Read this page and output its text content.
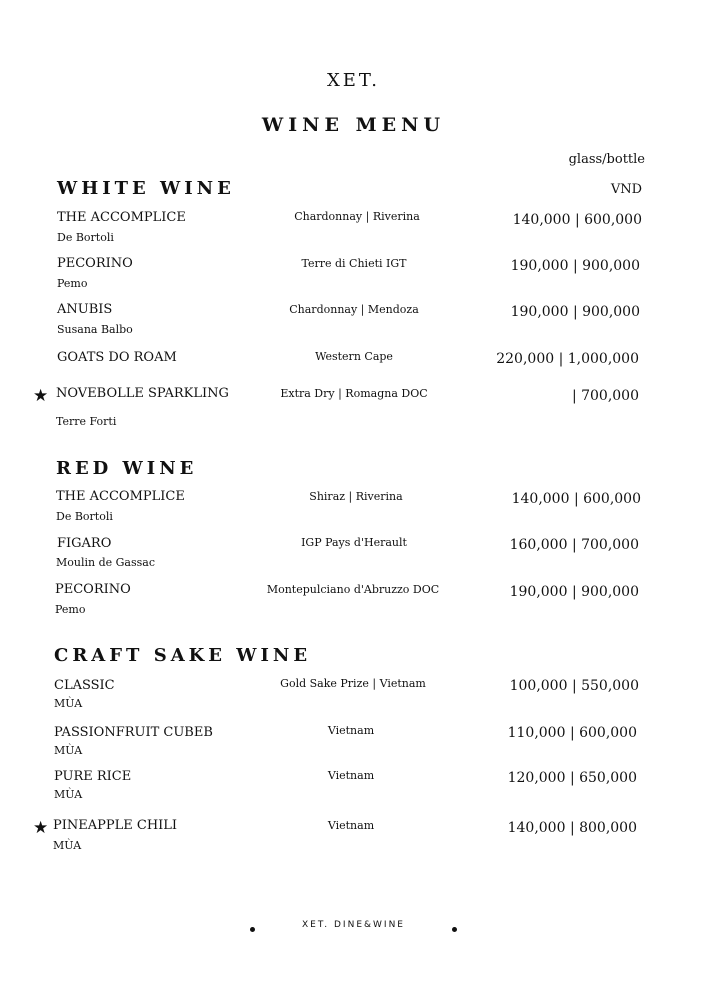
XET.
WINE MENU
glass/bottle
VND
WHITE WINE
THE ACCOMPLICE
De Bortoli
Chardonnay | Riverina	140,000 | 600,000
PECORINO
Pemo
Terre di Chieti IGT	190,000 | 900,000
ANUBIS
Susana Balbo
Chardonnay | Mendoza	190,000 | 900,000
GOATS DO ROAM	Western Cape	220,000 | 1,000,000
★ NOVEBOLLE SPARKLING
Terre Forti
Extra Dry | Romagna DOC	| 700,000
RED WINE
THE ACCOMPLICE
De Bortoli
Shiraz | Riverina	140,000 | 600,000
FIGARO
Moulin de Gassac
IGP Pays d'Herault	160,000 | 700,000
PECORINO
Pemo
Montepulciano d'Abruzzo DOC	190,000 | 900,000
CRAFT SAKE WINE
CLASSIC
MÙA
Gold Sake Prize | Vietnam	100,000 | 550,000
PASSIONFRUIT CUBEB
MÙA
Vietnam	110,000 | 600,000
PURE RICE
MÙA
Vietnam	120,000 | 650,000
★ PINEAPPLE CHILI
MÙA
Vietnam	140,000 | 800,000
XET. DINE&WINE
